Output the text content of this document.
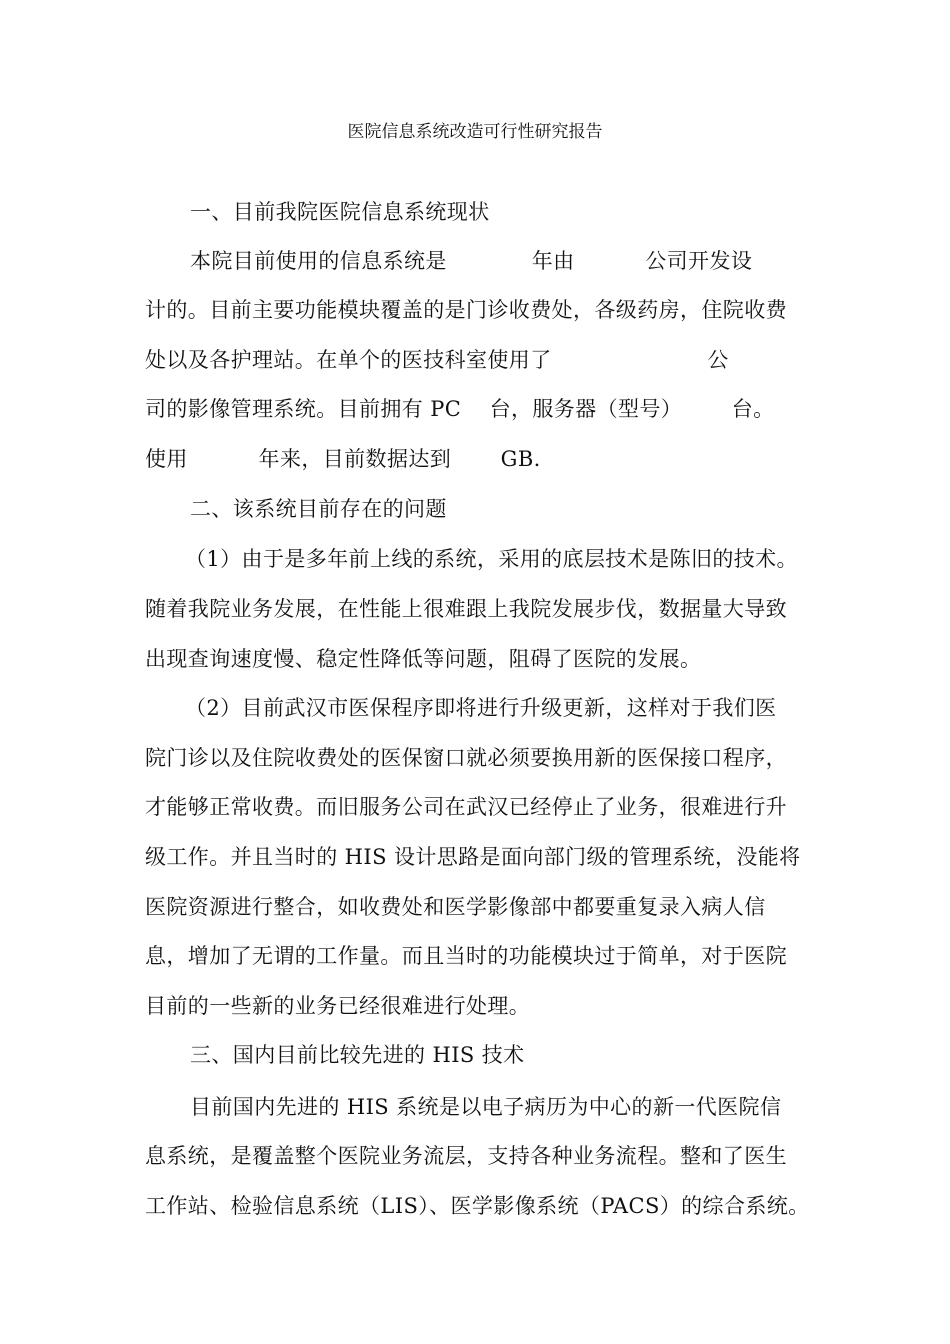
医院信息系统改造可行性研究报告
一、目前我院医院信息系统现状
本院目前使用的信息系统是            年由          公司开发设
计的。目前主要功能模块覆盖的是门诊收费处，各级药房，住院收费
处以及各护理站。在单个的医技科室使用了                      公
司的影像管理系统。目前拥有 PC    台，服务器（型号）       台。
使用          年来，目前数据达到       GB.
二、该系统目前存在的问题
（1）由于是多年前上线的系统，采用的底层技术是陈旧的技术。
随着我院业务发展，在性能上很难跟上我院发展步伐，数据量大导致
出现查询速度慢、稳定性降低等问题，阻碍了医院的发展。
（2）目前武汉市医保程序即将进行升级更新，这样对于我们医
院门诊以及住院收费处的医保窗口就必须要换用新的医保接口程序，
才能够正常收费。而旧服务公司在武汉已经停止了业务，很难进行升
级工作。并且当时的 HIS 设计思路是面向部门级的管理系统，没能将
医院资源进行整合，如收费处和医学影像部中都要重复录入病人信
息，增加了无谓的工作量。而且当时的功能模块过于简单，对于医院
目前的一些新的业务已经很难进行处理。
三、国内目前比较先进的 HIS 技术
目前国内先进的 HIS 系统是以电子病历为中心的新一代医院信
息系统，是覆盖整个医院业务流层，支持各种业务流程。整和了医生
工作站、检验信息系统（LIS）、医学影像系统（PACS）的综合系统。
